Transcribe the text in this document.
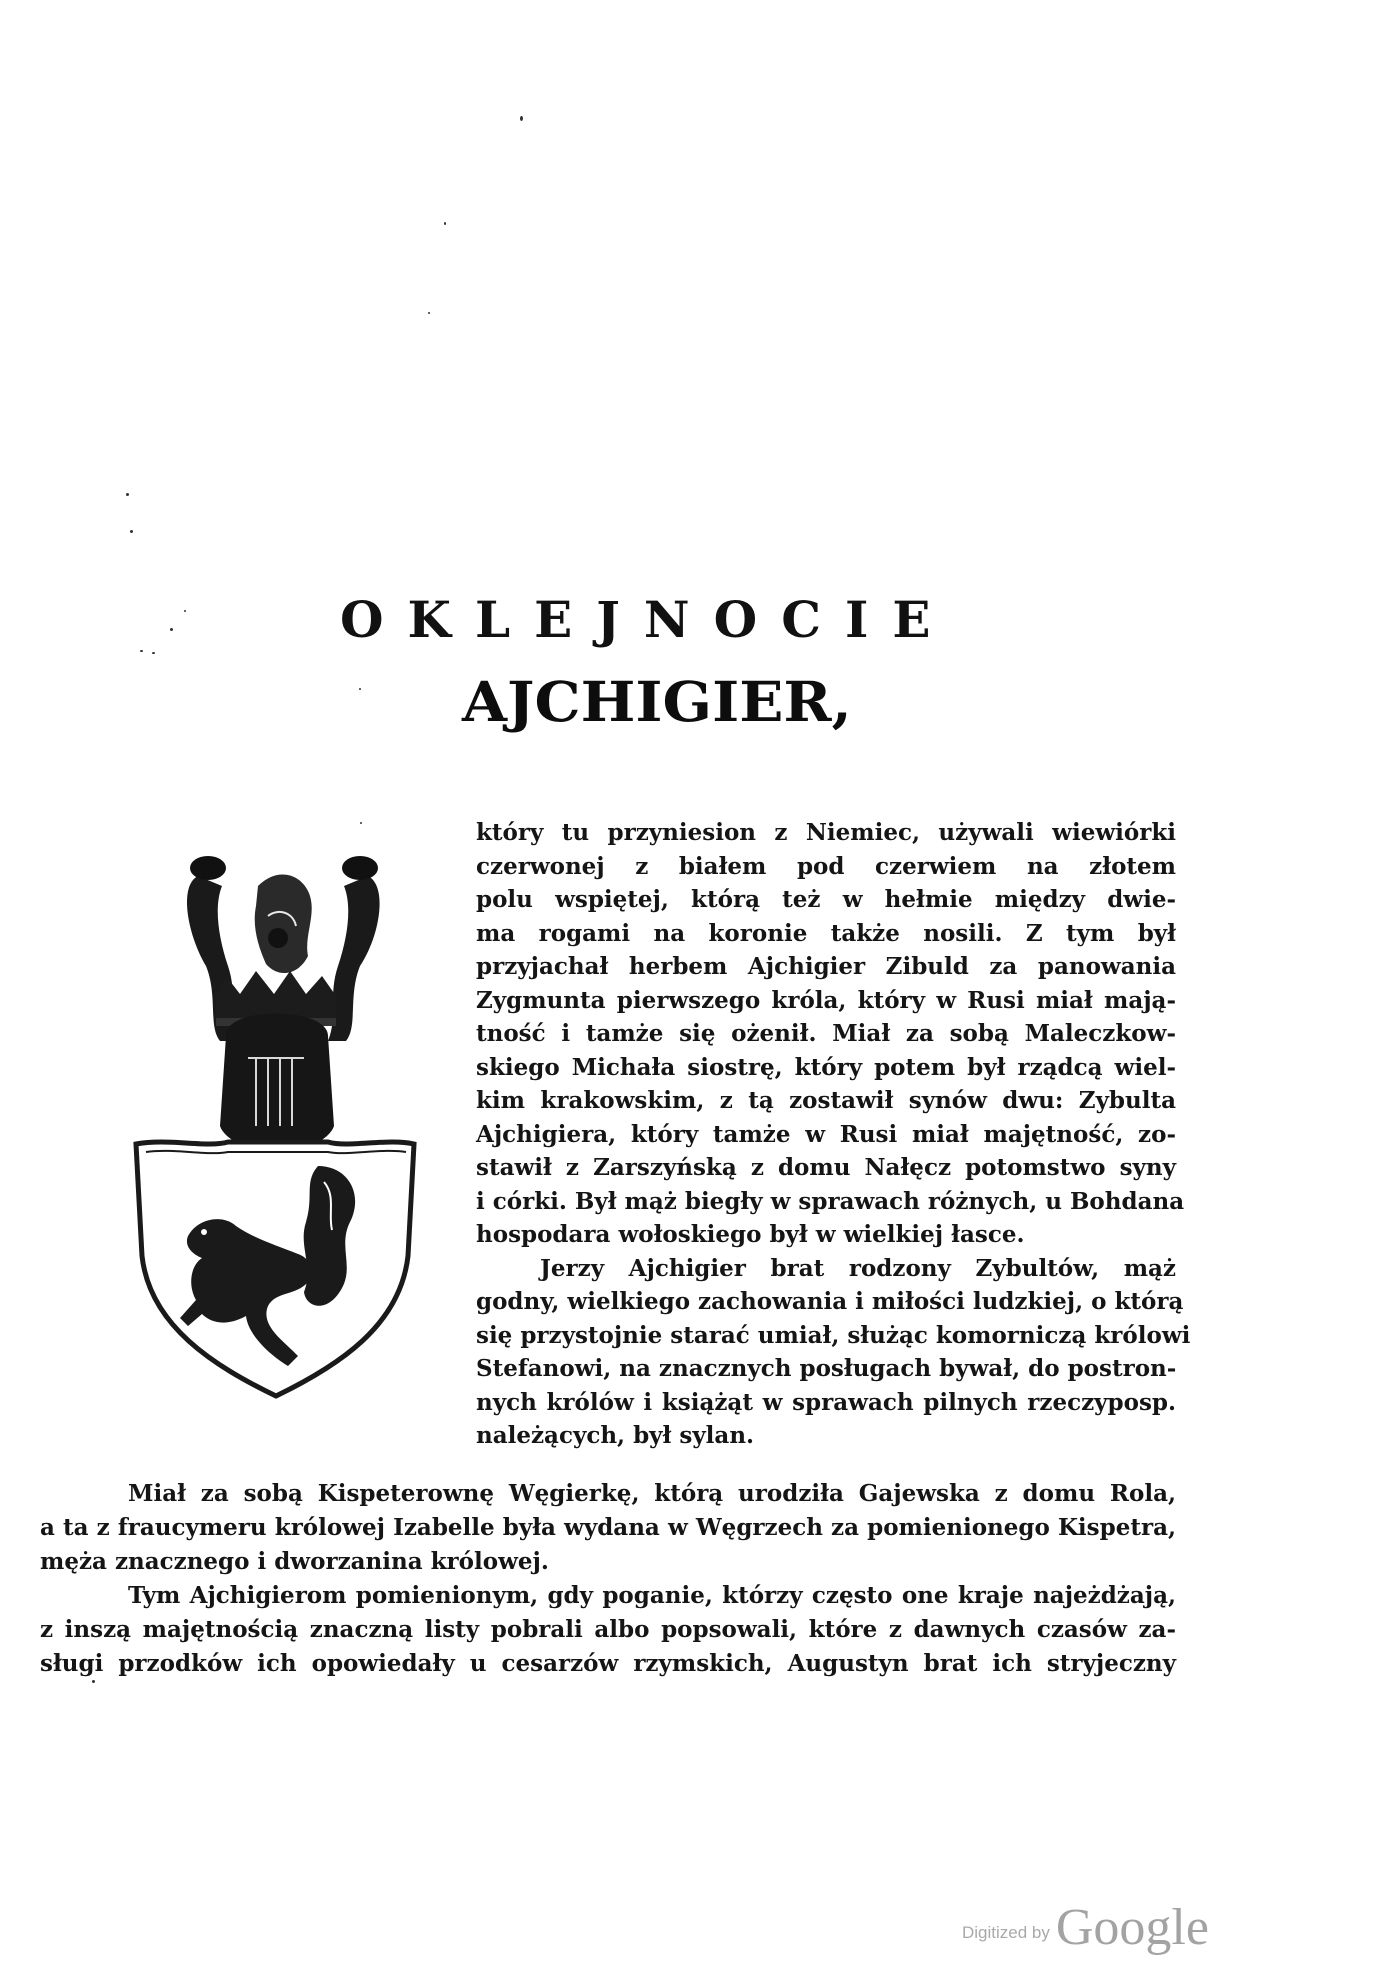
OKLEJNOCIE
AJCHIGIER,
który tu przyniesion z Niemiec, używali wiewiórki
czerwonej z białem pod czerwiem na złotem
polu wspiętej, którą też w hełmie między dwie-
ma rogami na koronie także nosili. Z tym był
przyjachał herbem Ajchigier Zibuld za panowania
Zygmunta pierwszego króla, który w Rusi miał mają-
tność i tamże się ożenił. Miał za sobą Maleczkow-
skiego Michała siostrę, który potem był rządcą wiel-
kim krakowskim, z tą zostawił synów dwu: Zybulta
Ajchigiera, który tamże w Rusi miał majętność, zo-
stawił z Zarszyńską z domu Nałęcz potomstwo syny
i córki. Był mąż biegły w sprawach różnych, u Bohdana
hospodara wołoskiego był w wielkiej łasce.
Jerzy Ajchigier brat rodzony Zybultów, mąż
godny, wielkiego zachowania i miłości ludzkiej, o którą
się przystojnie starać umiał, służąc komorniczą królowi
Stefanowi, na znacznych posługach bywał, do postron-
nych królów i książąt w sprawach pilnych rzeczyposp.
należących, był sylan.
Miał za sobą Kispeterownę Węgierkę, którą urodziła Gajewska z domu Rola,
a ta z fraucymeru królowej Izabelle była wydana w Węgrzech za pomienionego Kispetra,
męża znacznego i dworzanina królowej.
Tym Ajchigierom pomienionym, gdy poganie, którzy często one kraje najeżdżają,
z inszą majętnością znaczną listy pobrali albo popsowali, które z dawnych czasów za-
sługi przodków ich opowiedały u cesarzów rzymskich, Augustyn brat ich stryjeczny
Digitized by Google
